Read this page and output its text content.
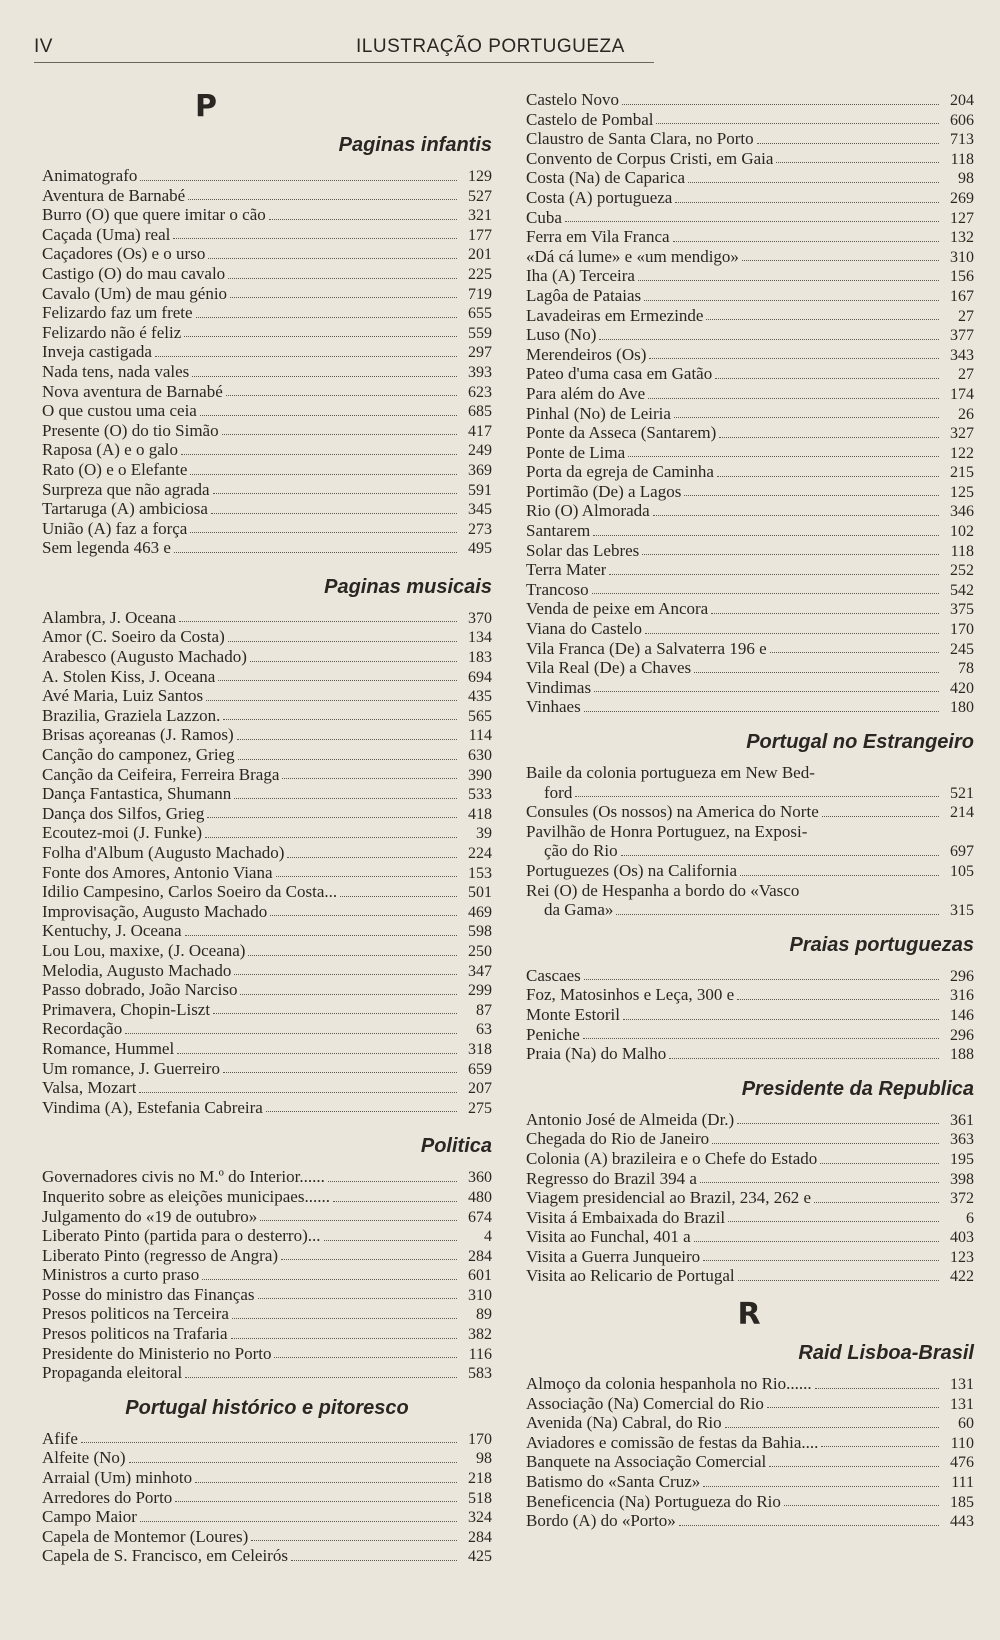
IV	ILUSTRAÇÃO PORTUGUEZA
P
Paginas infantis
Animatografo	129
Aventura de Barnabé	527
Burro (O) que quere imitar o cão	321
Caçada (Uma) real	177
Caçadores (Os) e o urso	201
Castigo (O) do mau cavalo	225
Cavalo (Um) de mau génio	719
Felizardo faz um frete	655
Felizardo não é feliz	559
Inveja castigada	297
Nada tens, nada vales	393
Nova aventura de Barnabé	623
O que custou uma ceia	685
Presente (O) do tio Simão	417
Raposa (A) e o galo	249
Rato (O) e o Elefante	369
Surpreza que não agrada	591
Tartaruga (A) ambiciosa	345
União (A) faz a força	273
Sem legenda 463 e	495
Paginas musicais
Alambra, J. Oceana	370
Amor (C. Soeiro da Costa)	134
Arabesco (Augusto Machado)	183
A. Stolen Kiss, J. Oceana	694
Avé Maria, Luiz Santos	435
Brazilia, Graziela Lazzon.	565
Brisas açoreanas (J. Ramos)	114
Canção do camponez, Grieg	630
Canção da Ceifeira, Ferreira Braga	390
Dança Fantastica, Shumann	533
Dança dos Silfos, Grieg	418
Ecoutez-moi (J. Funke)	39
Folha d'Album (Augusto Machado)	224
Fonte dos Amores, Antonio Viana	153
Idilio Campesino, Carlos Soeiro da Costa...	501
Improvisação, Augusto Machado	469
Kentuchy, J. Oceana	598
Lou Lou, maxixe, (J. Oceana)	250
Melodia, Augusto Machado	347
Passo dobrado, João Narciso	299
Primavera, Chopin-Liszt	87
Recordação	63
Romance, Hummel	318
Um romance, J. Guerreiro	659
Valsa, Mozart	207
Vindima (A), Estefania Cabreira	275
Politica
Governadores civis no M.º do Interior......	360
Inquerito sobre as eleições municipaes......	480
Julgamento do «19 de outubro»	674
Liberato Pinto (partida para o desterro)...	4
Liberato Pinto (regresso de Angra)	284
Ministros a curto praso	601
Posse do ministro das Finanças	310
Presos politicos na Terceira	89
Presos politicos na Trafaria	382
Presidente do Ministerio no Porto	116
Propaganda eleitoral	583
Portugal histórico e pitoresco
Afife	170
Alfeite (No)	98
Arraial (Um) minhoto	218
Arredores do Porto	518
Campo Maior	324
Capela de Montemor (Loures)	284
Capela de S. Francisco, em Celeirós	425
Castelo Novo	204
Castelo de Pombal	606
Claustro de Santa Clara, no Porto	713
Convento de Corpus Cristi, em Gaia	118
Costa (Na) de Caparica	98
Costa (A) portugueza	269
Cuba	127
Ferra em Vila Franca	132
«Dá cá lume» e «um mendigo»	310
Iha (A) Terceira	156
Lagôa de Pataias	167
Lavadeiras em Ermezinde	27
Luso (No)	377
Merendeiros (Os)	343
Pateo d'uma casa em Gatão	27
Para além do Ave	174
Pinhal (No) de Leiria	26
Ponte da Asseca (Santarem)	327
Ponte de Lima	122
Porta da egreja de Caminha	215
Portimão (De) a Lagos	125
Rio (O) Almorada	346
Santarem	102
Solar das Lebres	118
Terra Mater	252
Trancoso	542
Venda de peixe em Ancora	375
Viana do Castelo	170
Vila Franca (De) a Salvaterra 196 e	245
Vila Real (De) a Chaves	78
Vindimas	420
Vinhaes	180
Portugal no Estrangeiro
Baile da colonia portugueza em New Bed-
ford	521
Consules (Os nossos) na America do Norte	214
Pavilhão de Honra Portuguez, na Exposi-
ção do Rio	697
Portuguezes (Os) na California	105
Rei (O) de Hespanha a bordo do «Vasco
da Gama»	315
Praias portuguezas
Cascaes	296
Foz, Matosinhos e Leça, 300 e	316
Monte Estoril	146
Peniche	296
Praia (Na) do Malho	188
Presidente da Republica
Antonio José de Almeida (Dr.)	361
Chegada do Rio de Janeiro	363
Colonia (A) brazileira e o Chefe do Estado	195
Regresso do Brazil 394 a	398
Viagem presidencial ao Brazil, 234, 262 e	372
Visita á Embaixada do Brazil	6
Visita ao Funchal, 401 a	403
Visita a Guerra Junqueiro	123
Visita ao Relicario de Portugal	422
R
Raid Lisboa-Brasil
Almoço da colonia hespanhola no Rio......	131
Associação (Na) Comercial do Rio	131
Avenida (Na) Cabral, do Rio	60
Aviadores e comissão de festas da Bahia....	110
Banquete na Associação Comercial	476
Batismo do «Santa Cruz»	111
Beneficencia (Na) Portugueza do Rio	185
Bordo (A) do «Porto»	443
